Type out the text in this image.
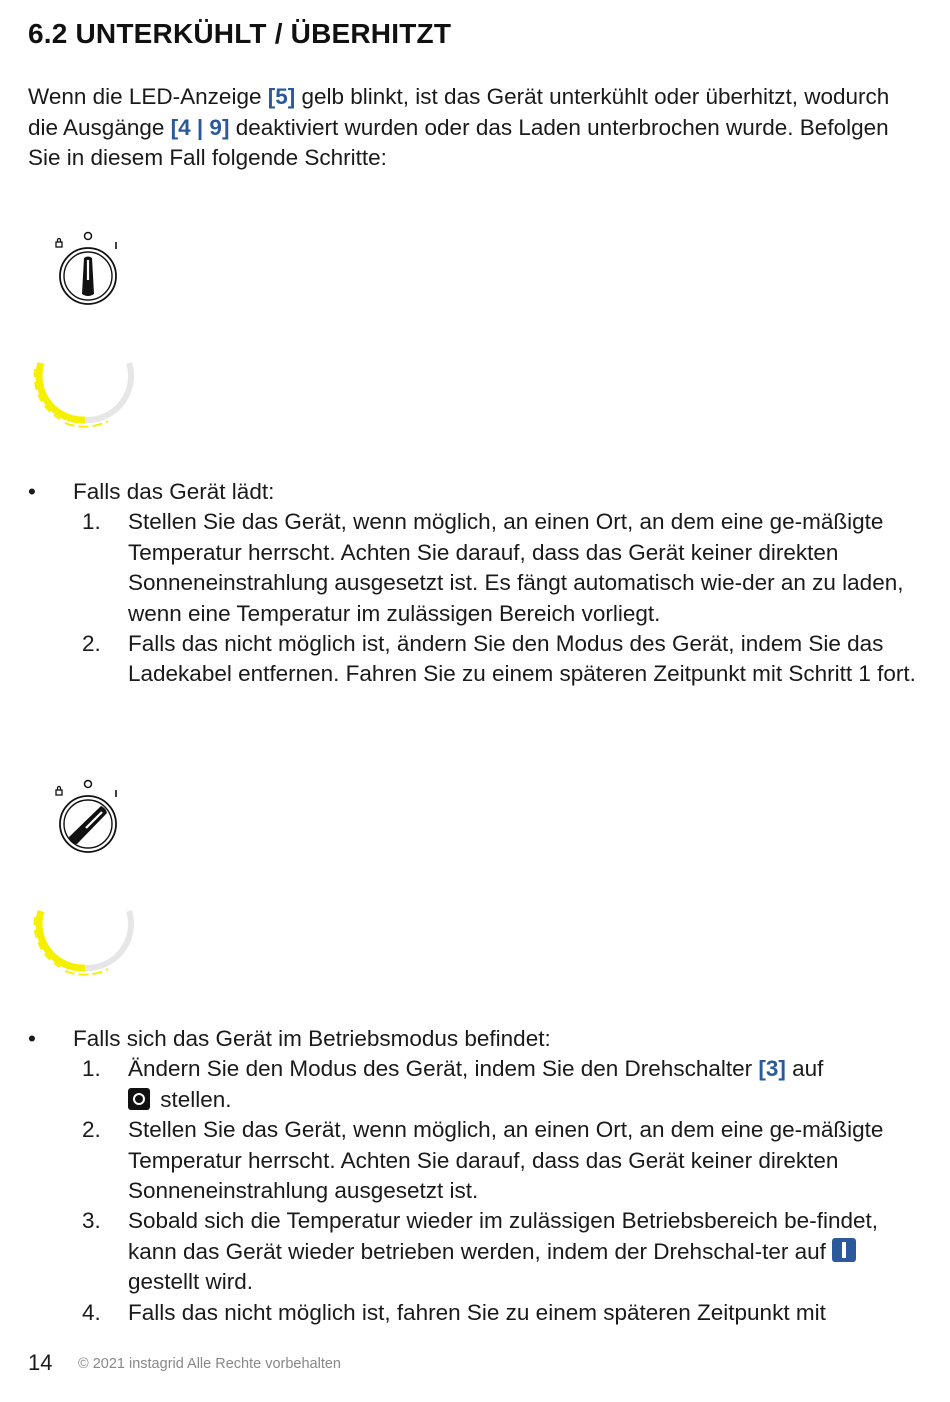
6.2 UNTERKÜHLT / ÜBERHITZT

Wenn die LED-Anzeige [5] gelb blinkt, ist das Gerät unterkühlt oder überhitzt, wodurch die Ausgänge [4 | 9] deaktiviert wurden oder das Laden unterbrochen wurde. Befolgen Sie in diesem Fall folgende Schritte:

•	Falls das Gerät lädt:
1. Stellen Sie das Gerät, wenn möglich, an einen Ort, an dem eine ge-mäßigte Temperatur herrscht. Achten Sie darauf, dass das Gerät keiner direkten Sonneneinstrahlung ausgesetzt ist. Es fängt automatisch wie-der an zu laden, wenn eine Temperatur im zulässigen Bereich vorliegt.
2. Falls das nicht möglich ist, ändern Sie den Modus des Gerät, indem Sie das Ladekabel entfernen. Fahren Sie zu einem späteren Zeitpunkt mit Schritt 1 fort.
•	Falls sich das Gerät im Betriebsmodus befindet:
1. Ändern Sie den Modus des Gerät, indem Sie den Drehschalter [3] auf
stellen.
2. Stellen Sie das Gerät, wenn möglich, an einen Ort, an dem eine ge-mäßigte Temperatur herrscht. Achten Sie darauf, dass das Gerät keiner direkten Sonneneinstrahlung ausgesetzt ist.
3. Sobald sich die Temperatur wieder im zulässigen Betriebsbereich be-findet, kann das Gerät wieder betrieben werden, indem der Drehschal-ter auf  gestellt wird.
4. Falls das nicht möglich ist, fahren Sie zu einem späteren Zeitpunkt mit
14 © 2021 instagrid Alle Rechte vorbehalten
